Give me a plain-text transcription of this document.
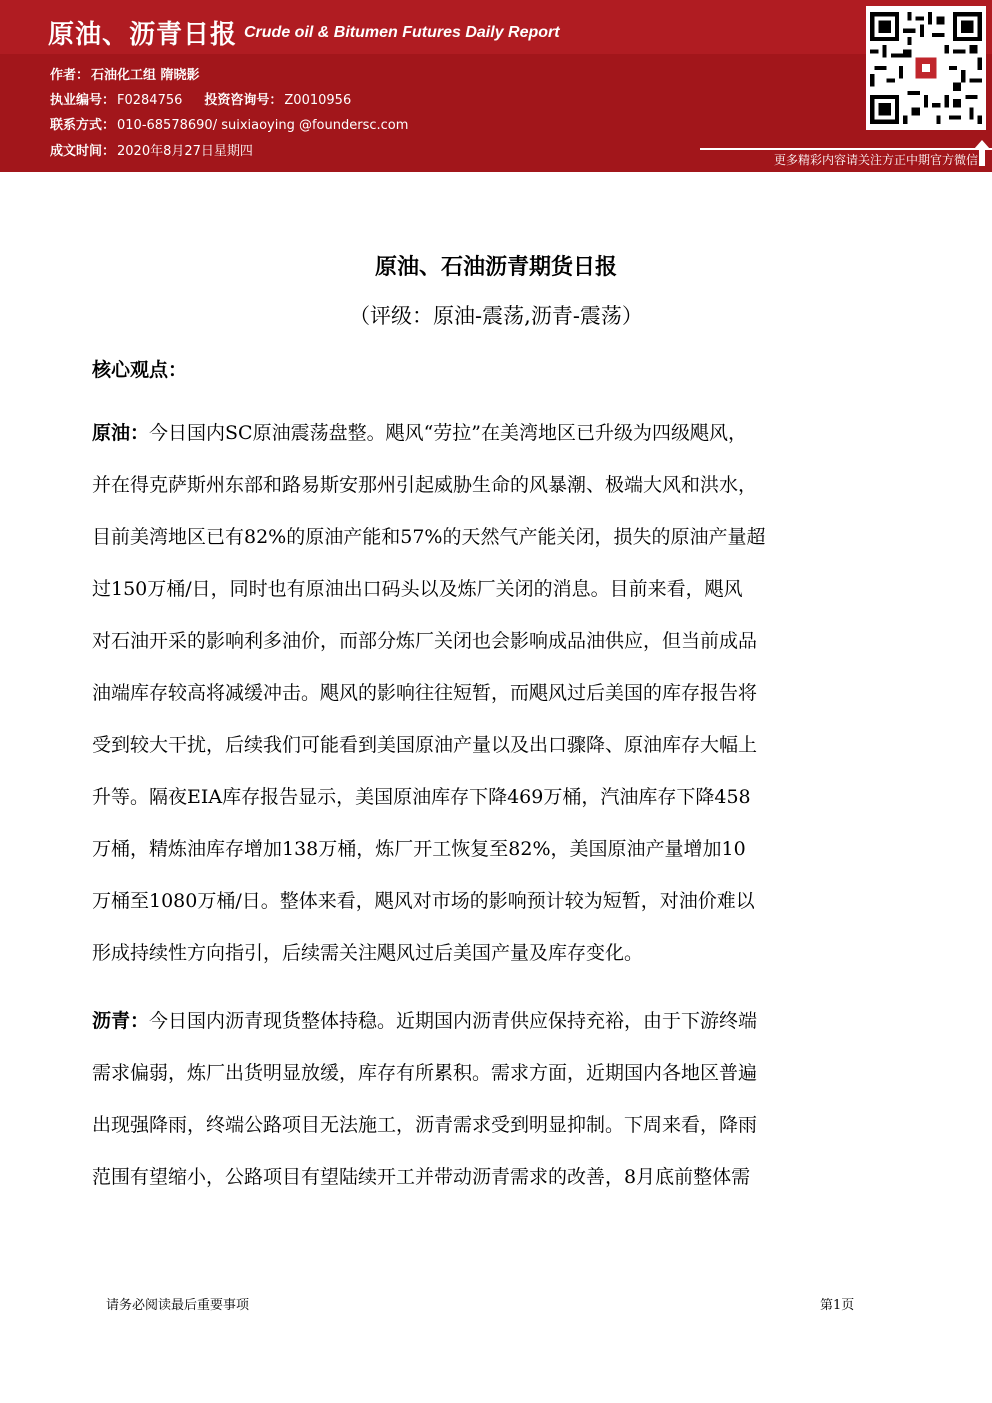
原油、沥青日报 Crude oil & Bitumen Futures Daily Report
作者： 石油化工组 隋晓影
执业编号： F0284756 投资咨询号： Z0010956
联系方式： 010-68578690/ suixiaoying @foundersc.com
成文时间： 2020年8月27日星期四
更多精彩内容请关注方正中期官方微信
原油、石油沥青期货日报
（评级：原油-震荡,沥青-震荡）
核心观点：
原油：今日国内SC原油震荡盘整。飓风“劳拉”在美湾地区已升级为四级飓风，
并在得克萨斯州东部和路易斯安那州引起威胁生命的风暴潮、极端大风和洪水，
目前美湾地区已有82%的原油产能和57%的天然气产能关闭，损失的原油产量超
过150万桶/日，同时也有原油出口码头以及炼厂关闭的消息。目前来看，飓风
对石油开采的影响利多油价，而部分炼厂关闭也会影响成品油供应，但当前成品
油端库存较高将减缓冲击。飓风的影响往往短暂，而飓风过后美国的库存报告将
受到较大干扰，后续我们可能看到美国原油产量以及出口骤降、原油库存大幅上
升等。隔夜EIA库存报告显示，美国原油库存下降469万桶，汽油库存下降458
万桶，精炼油库存增加138万桶，炼厂开工恢复至82%，美国原油产量增加10
万桶至1080万桶/日。整体来看，飓风对市场的影响预计较为短暂，对油价难以
形成持续性方向指引，后续需关注飓风过后美国产量及库存变化。
沥青：今日国内沥青现货整体持稳。近期国内沥青供应保持充裕，由于下游终端
需求偏弱，炼厂出货明显放缓，库存有所累积。需求方面，近期国内各地区普遍
出现强降雨，终端公路项目无法施工，沥青需求受到明显抑制。下周来看，降雨
范围有望缩小，公路项目有望陆续开工并带动沥青需求的改善，8月底前整体需
请务必阅读最后重要事项	第1页
